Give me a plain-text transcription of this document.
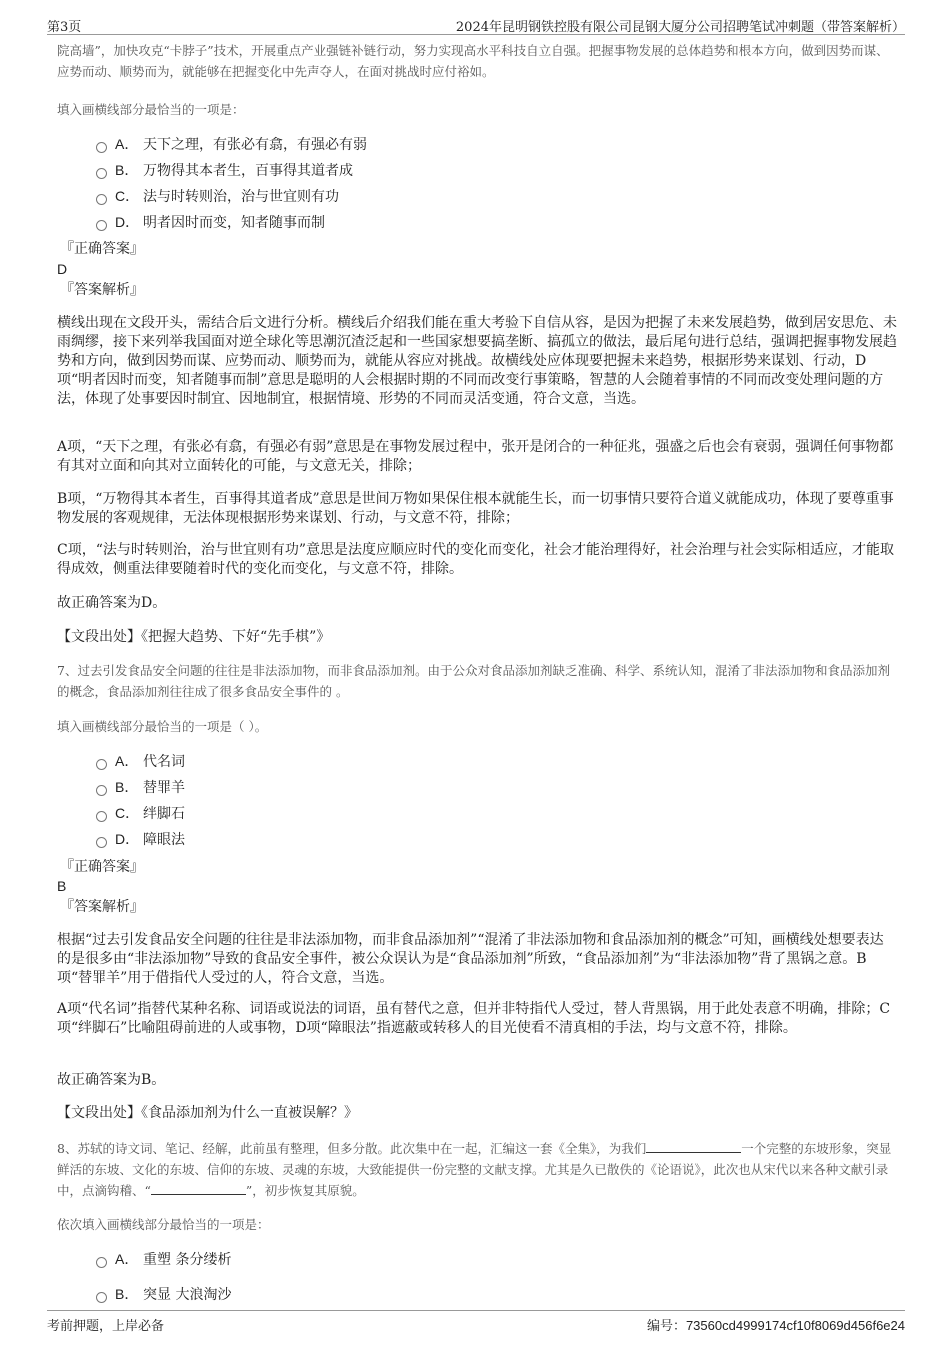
第3页	2024年昆明钢铁控股有限公司昆钢大厦分公司招聘笔试冲刺题（带答案解析）
院高墙”，加快攻克“卡脖子”技术，开展重点产业强链补链行动，努力实现高水平科技自立自强。把握事物发展的总体趋势和根本方向，做到因势而谋、应势而动、顺势而为，就能够在把握变化中先声夺人，在面对挑战时应付裕如。
填入画横线部分最恰当的一项是：
A． 天下之理，有张必有翕，有强必有弱
B． 万物得其本者生，百事得其道者成
C． 法与时转则治，治与世宜则有功
D． 明者因时而变，知者随事而制
『正确答案』
D
『答案解析』
横线出现在文段开头，需结合后文进行分析。横线后介绍我们能在重大考验下自信从容，是因为把握了未来发展趋势，做到居安思危、未雨绸缪，接下来列举我国面对逆全球化等思潮沉渣泛起和一些国家想要搞垄断、搞孤立的做法，最后尾句进行总结，强调把握事物发展趋势和方向，做到因势而谋、应势而动、顺势而为，就能从容应对挑战。故横线处应体现要把握未来趋势，根据形势来谋划、行动，D项“明者因时而变，知者随事而制”意思是聪明的人会根据时期的不同而改变行事策略，智慧的人会随着事情的不同而改变处理问题的方法，体现了处事要因时制宜、因地制宜，根据情境、形势的不同而灵活变通，符合文意，当选。
A项，“天下之理，有张必有翕，有强必有弱”意思是在事物发展过程中，张开是闭合的一种征兆，强盛之后也会有衰弱，强调任何事物都有其对立面和向其对立面转化的可能，与文意无关，排除；
B项，“万物得其本者生，百事得其道者成”意思是世间万物如果保住根本就能生长，而一切事情只要符合道义就能成功，体现了要尊重事物发展的客观规律，无法体现根据形势来谋划、行动，与文意不符，排除；
C项，“法与时转则治，治与世宜则有功”意思是法度应顺应时代的变化而变化，社会才能治理得好，社会治理与社会实际相适应，才能取得成效，侧重法律要随着时代的变化而变化，与文意不符，排除。
故正确答案为D。
【文段出处】《把握大趋势、下好“先手棋”》
7、过去引发食品安全问题的往往是非法添加物，而非食品添加剂。由于公众对食品添加剂缺乏准确、科学、系统认知，混淆了非法添加物和食品添加剂的概念，食品添加剂往往成了很多食品安全事件的 。
填入画横线部分最恰当的一项是（ ）。
A． 代名词
B． 替罪羊
C． 绊脚石
D． 障眼法
『正确答案』
B
『答案解析』
根据“过去引发食品安全问题的往往是非法添加物，而非食品添加剂”“混淆了非法添加物和食品添加剂的概念”可知，画横线处想要表达的是很多由“非法添加物”导致的食品安全事件，被公众误认为是“食品添加剂”所致，“食品添加剂”为“非法添加物”背了黑锅之意。B项“替罪羊”用于借指代人受过的人，符合文意，当选。
A项“代名词”指替代某种名称、词语或说法的词语，虽有替代之意，但并非特指代人受过，替人背黑锅，用于此处表意不明确，排除；C项“绊脚石”比喻阻碍前进的人或事物，D项“障眼法”指遮蔽或转移人的目光使看不清真相的手法，均与文意不符，排除。
故正确答案为B。
【文段出处】《食品添加剂为什么一直被误解？》
8、苏轼的诗文词、笔记、经解，此前虽有整理，但多分散。此次集中在一起，汇编这一套《全集》，为我们	一个完整的东坡形象，突显鲜活的东坡、文化的东坡、信仰的东坡、灵魂的东坡，大致能提供一份完整的文献支撑。尤其是久已散佚的《论语说》，此次也从宋代以来各种文献引录中，点滴钩稽、“	”，初步恢复其原貌。
依次填入画横线部分最恰当的一项是：
A． 重塑 条分缕析
B． 突显 大浪淘沙
考前押题，上岸必备	编号：73560cd4999174cf10f8069d456f6e24
